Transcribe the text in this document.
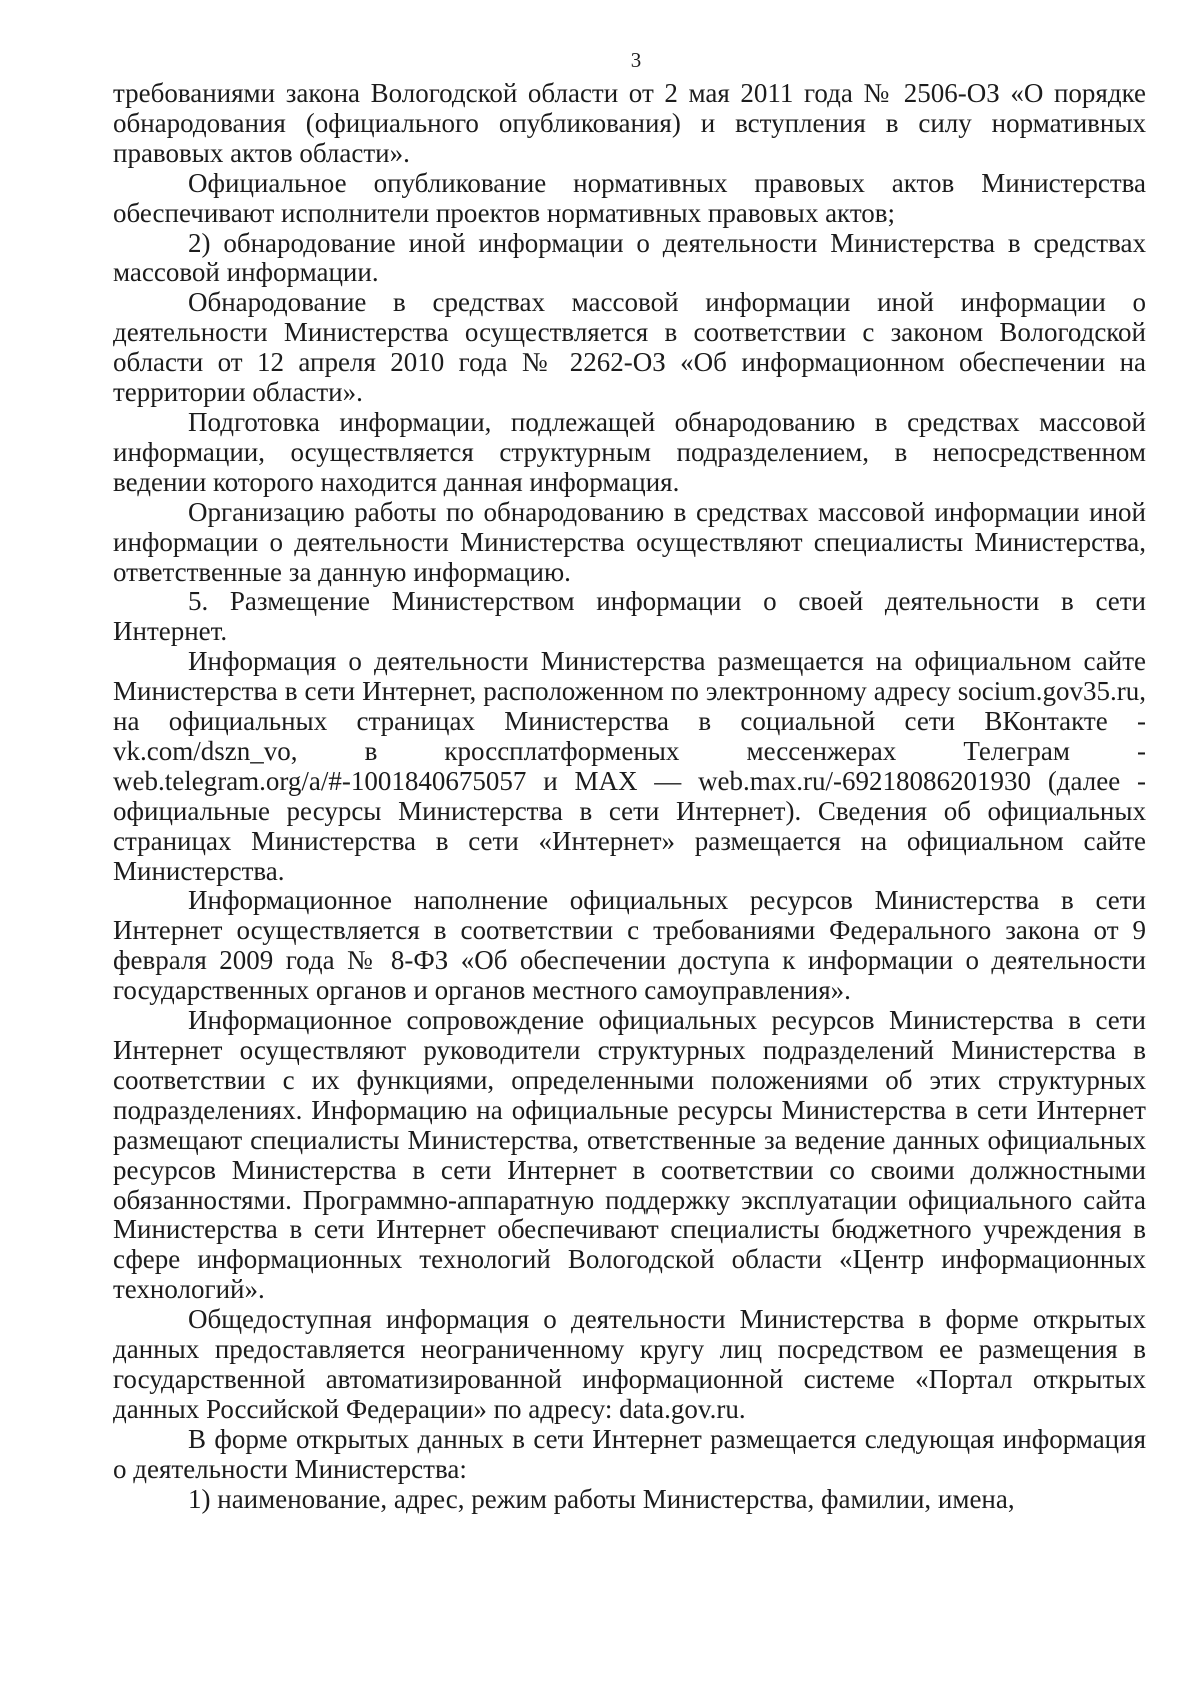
3

требованиями закона Вологодской области от 2 мая 2011 года № 2506-ОЗ «О порядке обнародования (официального опубликования) и вступления в силу нормативных правовых актов области».

Официальное опубликование нормативных правовых актов Министерства обеспечивают исполнители проектов нормативных правовых актов;

2) обнародование иной информации о деятельности Министерства в средствах массовой информации.

Обнародование в средствах массовой информации иной информации о деятельности Министерства осуществляется в соответствии с законом Вологодской области от 12 апреля 2010 года № 2262-ОЗ «Об информационном обеспечении на территории области».

Подготовка информации, подлежащей обнародованию в средствах массовой информации, осуществляется структурным подразделением, в непосредственном ведении которого находится данная информация.

Организацию работы по обнародованию в средствах массовой информации иной информации о деятельности Министерства осуществляют специалисты Министерства, ответственные за данную информацию.

5. Размещение Министерством информации о своей деятельности в сети Интернет.

Информация о деятельности Министерства размещается на официальном сайте Министерства в сети Интернет, расположенном по электронному адресу socium.gov35.ru, на официальных страницах Министерства в социальной сети ВКонтакте - vk.com/dszn_vo, в кроссплатформеных мессенжерах Телеграм - web.telegram.org/a/#-1001840675057 и MAX — web.max.ru/-69218086201930 (далее - официальные ресурсы Министерства в сети Интернет). Сведения об официальных страницах Министерства в сети «Интернет» размещается на официальном сайте Министерства.

Информационное наполнение официальных ресурсов Министерства в сети Интернет осуществляется в соответствии с требованиями Федерального закона от 9 февраля 2009 года № 8-ФЗ «Об обеспечении доступа к информации о деятельности государственных органов и органов местного самоуправления».

Информационное сопровождение официальных ресурсов Министерства в сети Интернет осуществляют руководители структурных подразделений Министерства в соответствии с их функциями, определенными положениями об этих структурных подразделениях. Информацию на официальные ресурсы Министерства в сети Интернет размещают специалисты Министерства, ответственные за ведение данных официальных ресурсов Министерства в сети Интернет в соответствии со своими должностными обязанностями. Программно-аппаратную поддержку эксплуатации официального сайта Министерства в сети Интернет обеспечивают специалисты бюджетного учреждения в сфере информационных технологий Вологодской области «Центр информационных технологий».

Общедоступная информация о деятельности Министерства в форме открытых данных предоставляется неограниченному кругу лиц посредством ее размещения в государственной автоматизированной информационной системе «Портал открытых данных Российской Федерации» по адресу: data.gov.ru.

В форме открытых данных в сети Интернет размещается следующая информация о деятельности Министерства:

1) наименование, адрес, режим работы Министерства, фамилии, имена,
